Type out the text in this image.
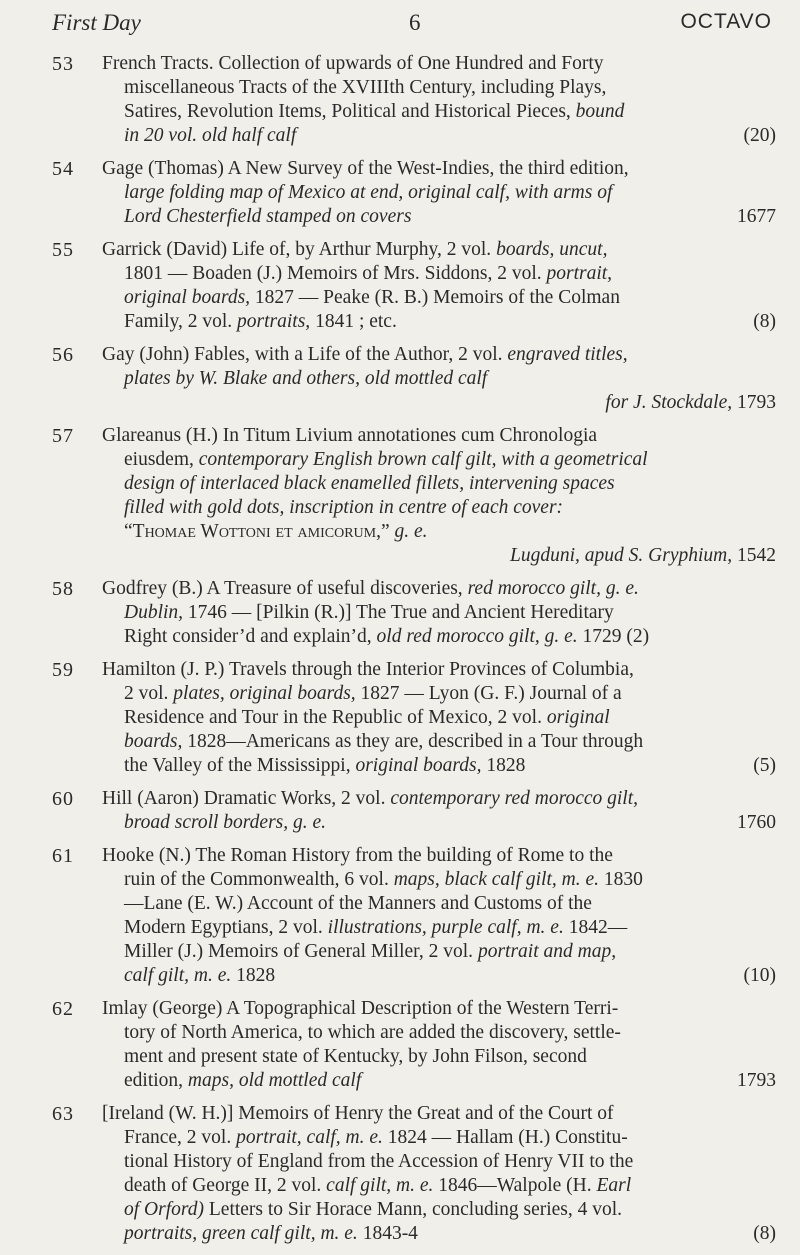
First Day	6	OCTAVO
53	French Tracts. Collection of upwards of One Hundred and Forty
miscellaneous Tracts of the XVIIIth Century, including Plays,
Satires, Revolution Items, Political and Historical Pieces, bound
in 20 vol. old half calf	(20)
54	Gage (Thomas) A New Survey of the West-Indies, the third edition,
large folding map of Mexico at end, original calf, with arms of
Lord Chesterfield stamped on covers	1677
55	Garrick (David) Life of, by Arthur Murphy, 2 vol. boards, uncut,
1801 — Boaden (J.) Memoirs of Mrs. Siddons, 2 vol. portrait,
original boards, 1827 — Peake (R. B.) Memoirs of the Colman
Family, 2 vol. portraits, 1841 ; etc.	(8)
56	Gay (John) Fables, with a Life of the Author, 2 vol. engraved titles,
plates by W. Blake and others, old mottled calf
for J. Stockdale, 1793
57	Glareanus (H.) In Titum Livium annotationes cum Chronologia
eiusdem, contemporary English brown calf gilt, with a geometrical
design of interlaced black enamelled fillets, intervening spaces
filled with gold dots, inscription in centre of each cover:
“Thomae Wottoni et amicorum,” g. e.
Lugduni, apud S. Gryphium, 1542
58	Godfrey (B.) A Treasure of useful discoveries, red morocco gilt, g. e.
Dublin, 1746 — [Pilkin (R.)] The True and Ancient Hereditary
Right consider’d and explain’d, old red morocco gilt, g. e. 1729 (2)
59	Hamilton (J. P.) Travels through the Interior Provinces of Columbia,
2 vol. plates, original boards, 1827 — Lyon (G. F.) Journal of a
Residence and Tour in the Republic of Mexico, 2 vol. original
boards, 1828—Americans as they are, described in a Tour through
the Valley of the Mississippi, original boards, 1828	(5)
60	Hill (Aaron) Dramatic Works, 2 vol. contemporary red morocco gilt,
broad scroll borders, g. e.	1760
61	Hooke (N.) The Roman History from the building of Rome to the
ruin of the Commonwealth, 6 vol. maps, black calf gilt, m. e. 1830
—Lane (E. W.) Account of the Manners and Customs of the
Modern Egyptians, 2 vol. illustrations, purple calf, m. e. 1842—
Miller (J.) Memoirs of General Miller, 2 vol. portrait and map,
calf gilt, m. e. 1828	(10)
62	Imlay (George) A Topographical Description of the Western Terri-
tory of North America, to which are added the discovery, settle-
ment and present state of Kentucky, by John Filson, second
edition, maps, old mottled calf	1793
63	[Ireland (W. H.)] Memoirs of Henry the Great and of the Court of
France, 2 vol. portrait, calf, m. e. 1824 — Hallam (H.) Constitu-
tional History of England from the Accession of Henry VII to the
death of George II, 2 vol. calf gilt, m. e. 1846—Walpole (H. Earl
of Orford) Letters to Sir Horace Mann, concluding series, 4 vol.
portraits, green calf gilt, m. e. 1843-4	(8)
